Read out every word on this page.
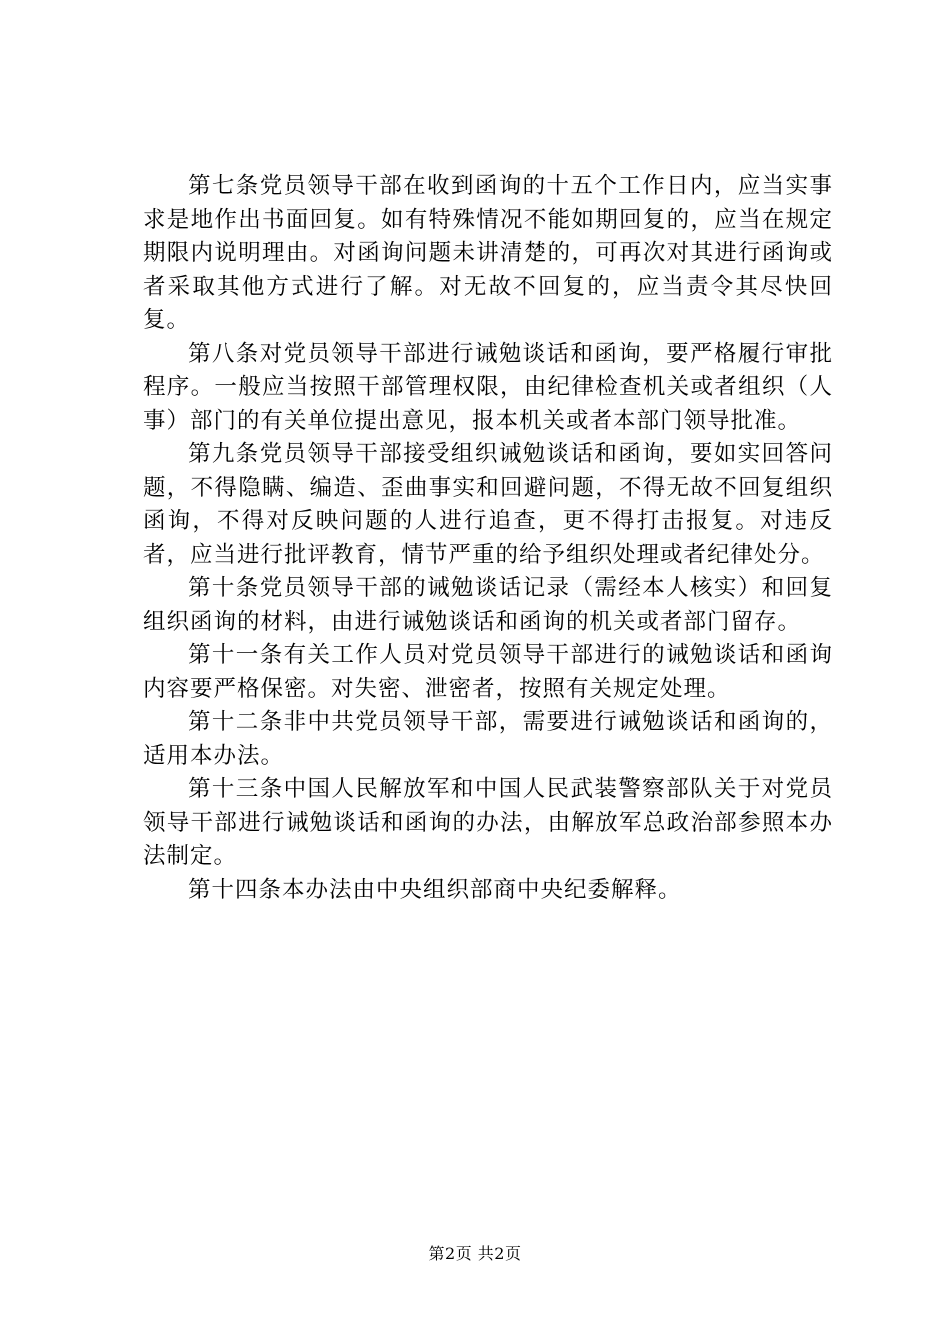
第七条党员领导干部在收到函询的十五个工作日内，应当实事求是地作出书面回复。如有特殊情况不能如期回复的，应当在规定期限内说明理由。对函询问题未讲清楚的，可再次对其进行函询或者采取其他方式进行了解。对无故不回复的，应当责令其尽快回复。

第八条对党员领导干部进行诫勉谈话和函询，要严格履行审批程序。一般应当按照干部管理权限，由纪律检查机关或者组织（人事）部门的有关单位提出意见，报本机关或者本部门领导批准。

第九条党员领导干部接受组织诫勉谈话和函询，要如实回答问题，不得隐瞒、编造、歪曲事实和回避问题，不得无故不回复组织函询，不得对反映问题的人进行追查，更不得打击报复。对违反者，应当进行批评教育，情节严重的给予组织处理或者纪律处分。

第十条党员领导干部的诫勉谈话记录（需经本人核实）和回复组织函询的材料，由进行诫勉谈话和函询的机关或者部门留存。

第十一条有关工作人员对党员领导干部进行的诫勉谈话和函询内容要严格保密。对失密、泄密者，按照有关规定处理。

第十二条非中共党员领导干部，需要进行诫勉谈话和函询的，适用本办法。

第十三条中国人民解放军和中国人民武装警察部队关于对党员领导干部进行诫勉谈话和函询的办法，由解放军总政治部参照本办法制定。

第十四条本办法由中央组织部商中央纪委解释。

第2页 共2页
